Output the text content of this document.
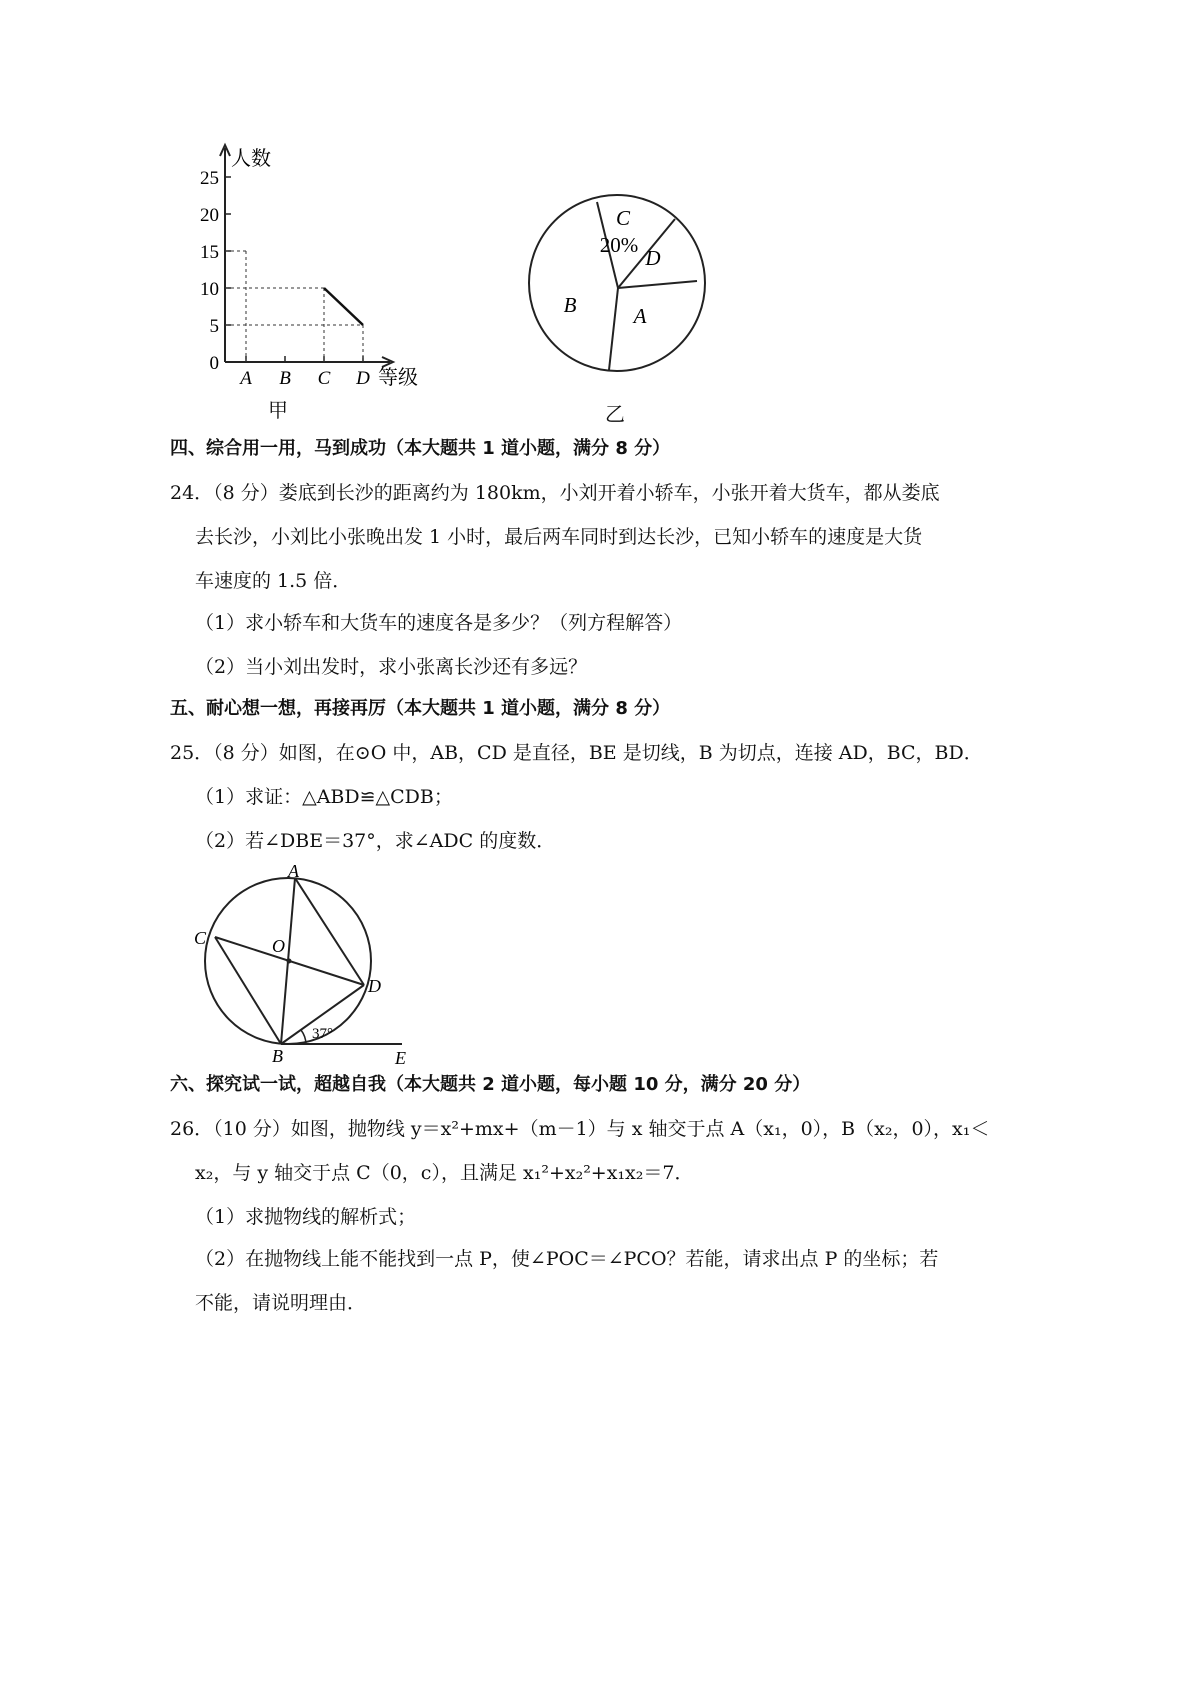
人数
等级
0
5
10
15
20
25
A B C D
甲
C
20%
D
B	A
乙
四、综合用一用，马到成功（本大题共 1 道小题，满分 8 分）
24．（8 分）娄底到长沙的距离约为 180km，小刘开着小轿车，小张开着大货车，都从娄底
去长沙，小刘比小张晚出发 1 小时，最后两车同时到达长沙，已知小轿车的速度是大货
车速度的 1.5 倍．
（1）求小轿车和大货车的速度各是多少？（列方程解答）
（2）当小刘出发时，求小张离长沙还有多远？
五、耐心想一想，再接再厉（本大题共 1 道小题，满分 8 分）
25．（8 分）如图，在⊙O 中，AB，CD 是直径，BE 是切线，B 为切点，连接 AD，BC，BD．
（1）求证：△ABD≌△CDB；
（2）若∠DBE＝37°，求∠ADC 的度数．
A
C	O
D
B	E
37°
六、探究试一试，超越自我（本大题共 2 道小题，每小题 10 分，满分 20 分）
26．（10 分）如图，抛物线 y＝x²+mx+（m－1）与 x 轴交于点 A（x₁，0），B（x₂，0），x₁＜
x₂，与 y 轴交于点 C（0，c），且满足 x₁²+x₂²+x₁x₂＝7．
（1）求抛物线的解析式；
（2）在抛物线上能不能找到一点 P，使∠POC＝∠PCO？若能，请求出点 P 的坐标；若
不能，请说明理由．
